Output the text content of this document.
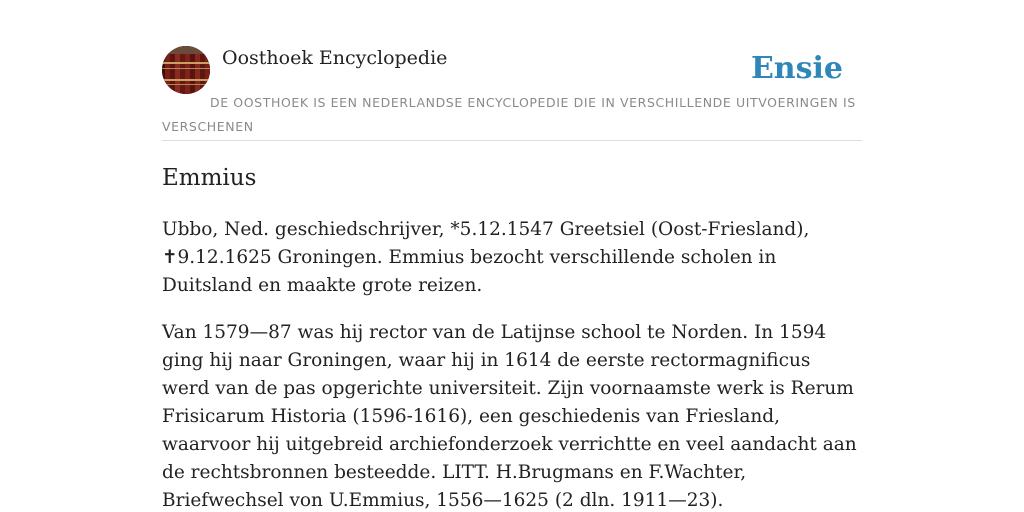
Oosthoek Encyclopedie	Ensie
DE OOSTHOEK IS EEN NEDERLANDSE ENCYCLOPEDIE DIE IN VERSCHILLENDE UITVOERINGEN IS VERSCHENEN
Emmius

Ubbo, Ned. geschiedschrijver, *5.12.1547 Greetsiel (Oost-Friesland), ✝9.12.1625 Groningen. Emmius bezocht verschillende scholen in Duitsland en maakte grote reizen.

Van 1579—87 was hij rector van de Latijnse school te Norden. In 1594 ging hij naar Groningen, waar hij in 1614 de eerste rectormagnificus werd van de pas opgerichte universiteit. Zijn voornaamste werk is Rerum Frisicarum Historia (1596-1616), een geschiedenis van Friesland, waarvoor hij uitgebreid archiefonderzoek verrichtte en veel aandacht aan de rechtsbronnen besteedde. LITT. H.Brugmans en F.Wachter, Briefwechsel von U.Emmius, 1556—1625 (2 dln. 1911—23).
